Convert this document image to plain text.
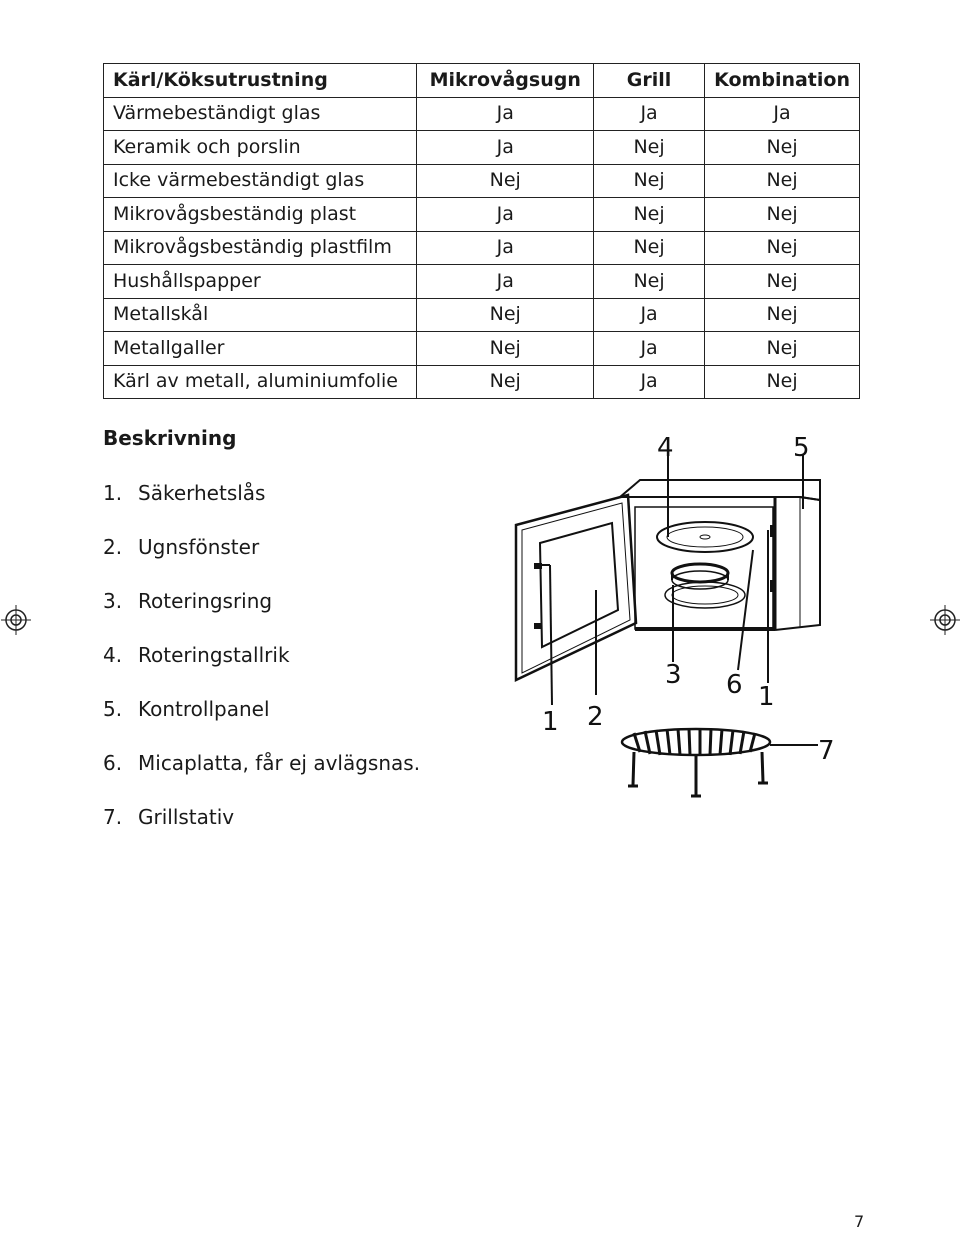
Kärl/Köksutrustning	Mikrovågsugn	Grill	Kombination
Värmebeständigt glas	Ja	Ja	Ja
Keramik och porslin	Ja	Nej	Nej
Icke värmebeständigt glas	Nej	Nej	Nej
Mikrovågsbeständig plast	Ja	Nej	Nej
Mikrovågsbeständig plastfilm	Ja	Nej	Nej
Hushållspapper	Ja	Nej	Nej
Metallskål	Nej	Ja	Nej
Metallgaller	Nej	Ja	Nej
Kärl av metall, aluminiumfolie	Nej	Ja	Nej
Beskrivning
1. Säkerhetslås
2. Ugnsfönster
3. Roteringsring
4. Roteringstallrik
5. Kontrollpanel
6. Micaplatta, får ej avlägsnas.
7. Grillstativ
4	5
3 6 1
1 2
7
7
